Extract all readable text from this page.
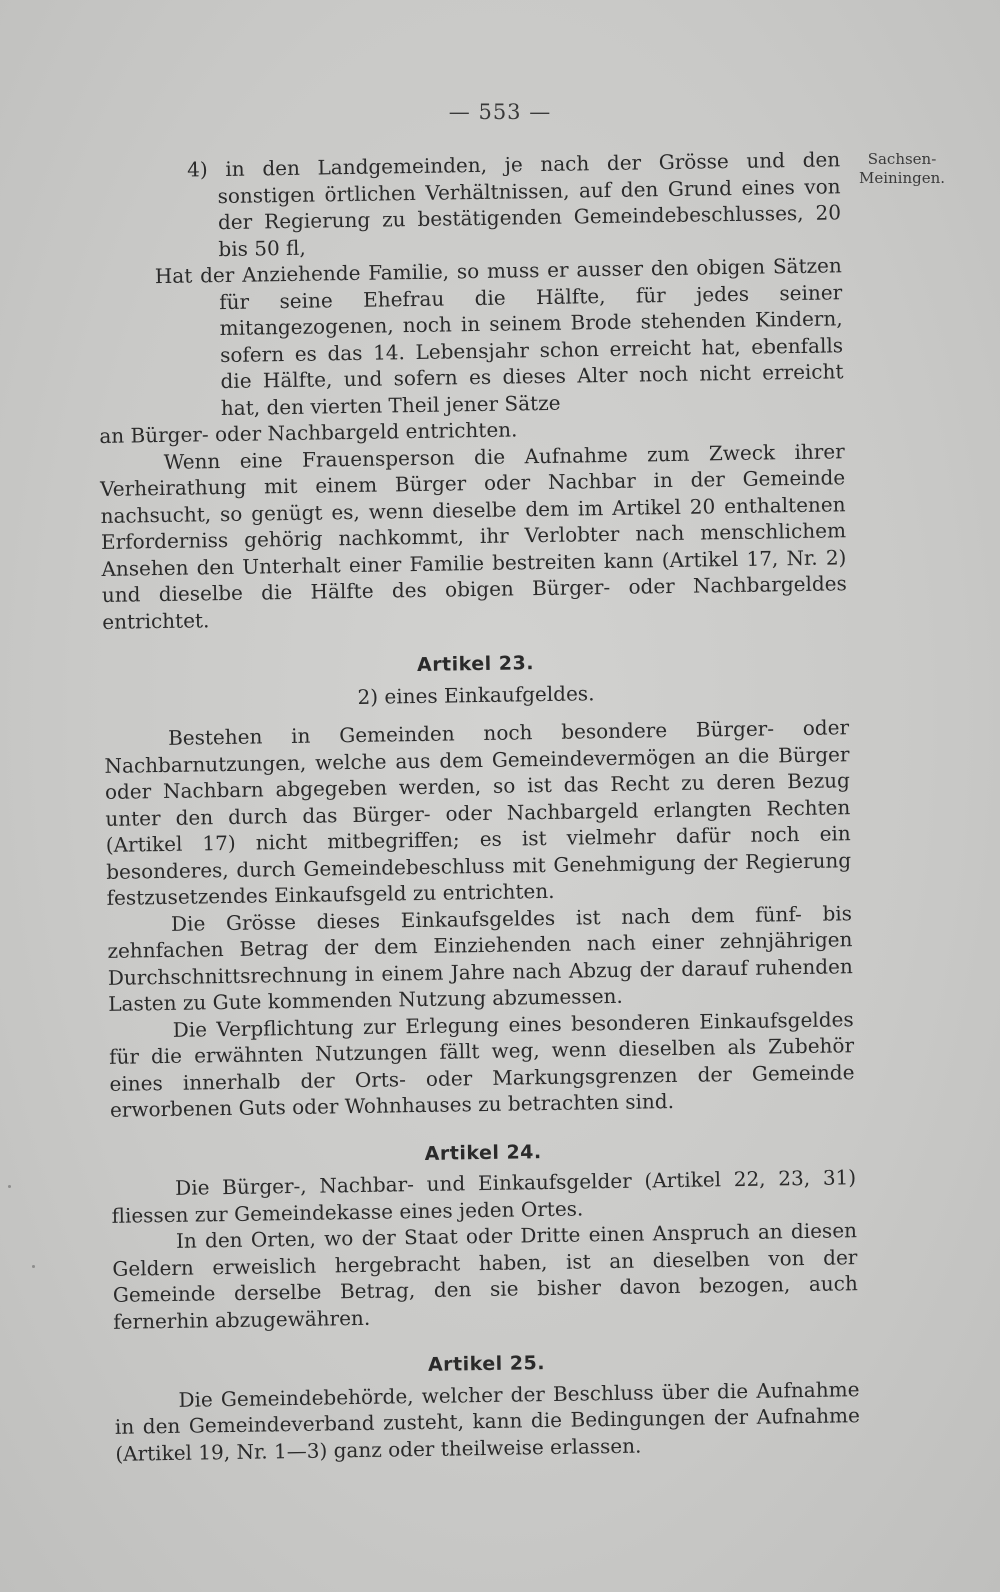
— 553 —
Sachsen-
Meiningen.

4) in den Landgemeinden, je nach der Grösse und den sonstigen örtlichen Verhältnissen, auf den Grund eines von der Regierung zu bestätigenden Gemeindebeschlusses, 20 bis 50 fl,

Hat der Anziehende Familie, so muss er ausser den obigen Sätzen für seine Ehefrau die Hälfte, für jedes seiner mitangezogenen, noch in seinem Brode stehenden Kindern, sofern es das 14. Lebensjahr schon erreicht hat, ebenfalls die Hälfte, und sofern es dieses Alter noch nicht erreicht hat, den vierten Theil jener Sätze

an Bürger- oder Nachbargeld entrichten.

Wenn eine Frauensperson die Aufnahme zum Zweck ihrer Verheirathung mit einem Bürger oder Nachbar in der Gemeinde nachsucht, so genügt es, wenn dieselbe dem im Artikel 20 enthaltenen Erforderniss gehörig nachkommt, ihr Verlobter nach menschlichem Ansehen den Unterhalt einer Familie bestreiten kann (Artikel 17, Nr. 2) und dieselbe die Hälfte des obigen Bürger- oder Nachbargeldes entrichtet.

Artikel 23.

2) eines Einkaufgeldes.

Bestehen in Gemeinden noch besondere Bürger- oder Nachbarnutzungen, welche aus dem Gemeindevermögen an die Bürger oder Nachbarn abgegeben werden, so ist das Recht zu deren Bezug unter den durch das Bürger- oder Nachbargeld erlangten Rechten (Artikel 17) nicht mitbegriffen; es ist vielmehr dafür noch ein besonderes, durch Gemeindebeschluss mit Genehmigung der Regierung festzusetzendes Einkaufsgeld zu entrichten.

Die Grösse dieses Einkaufsgeldes ist nach dem fünf- bis zehnfachen Betrag der dem Einziehenden nach einer zehnjährigen Durchschnittsrechnung in einem Jahre nach Abzug der darauf ruhenden Lasten zu Gute kommenden Nutzung abzumessen.

Die Verpflichtung zur Erlegung eines besonderen Einkaufsgeldes für die erwähnten Nutzungen fällt weg, wenn dieselben als Zubehör eines innerhalb der Orts- oder Markungsgrenzen der Gemeinde erworbenen Guts oder Wohnhauses zu betrachten sind.

Artikel 24.

Die Bürger-, Nachbar- und Einkaufsgelder (Artikel 22, 23, 31) fliessen zur Gemeindekasse eines jeden Ortes.

In den Orten, wo der Staat oder Dritte einen Anspruch an diesen Geldern erweislich hergebracht haben, ist an dieselben von der Gemeinde derselbe Betrag, den sie bisher davon bezogen, auch fernerhin abzugewähren.

Artikel 25.

Die Gemeindebehörde, welcher der Beschluss über die Aufnahme in den Gemeindeverband zusteht, kann die Bedingungen der Aufnahme (Artikel 19, Nr. 1—3) ganz oder theilweise erlassen.
